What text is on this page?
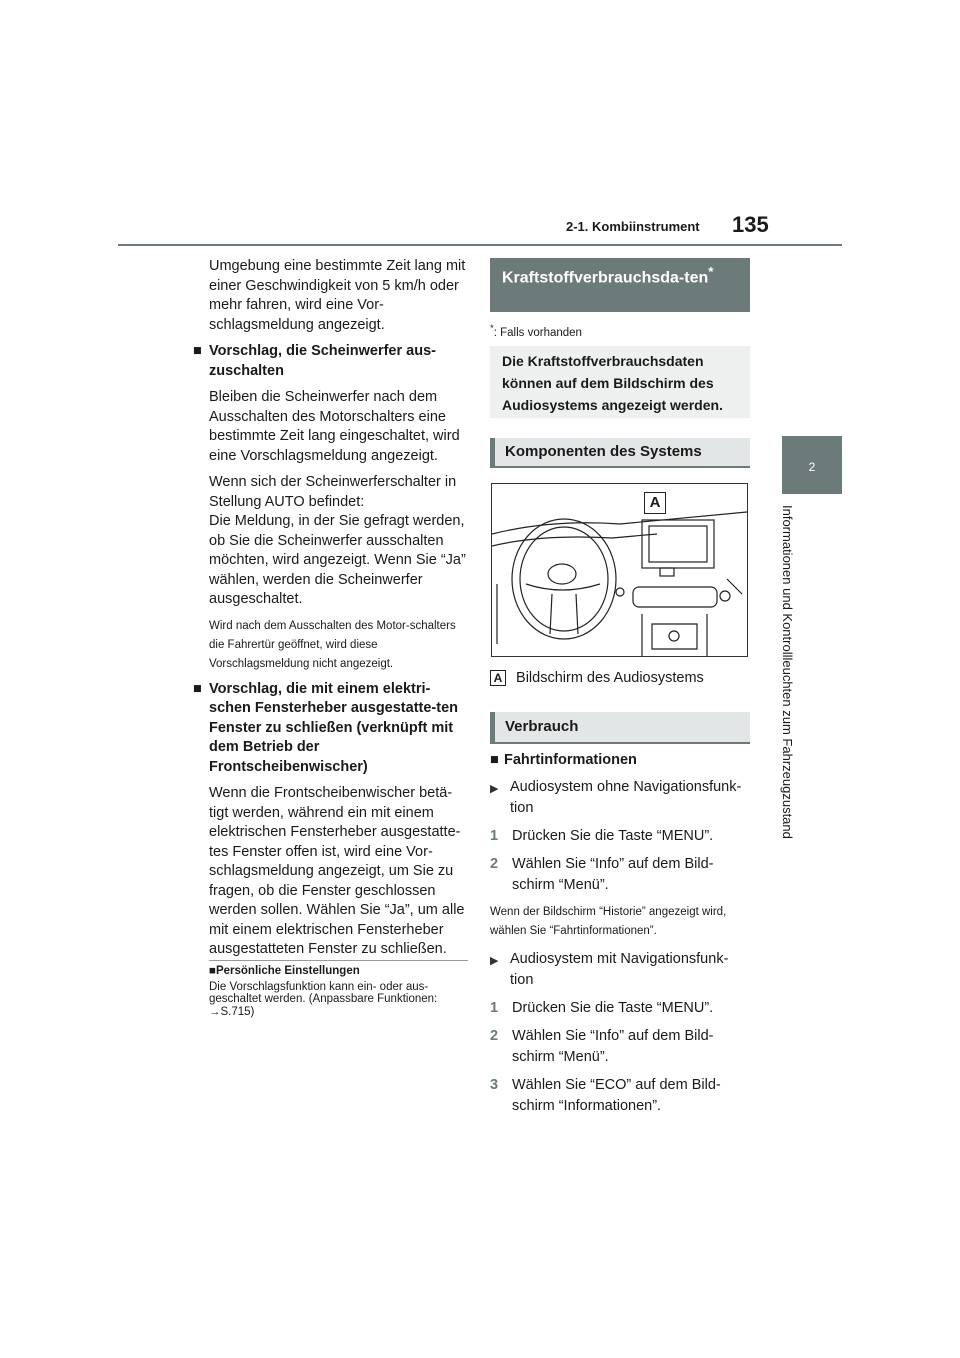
2-1. Kombiinstrument 135
2
Informationen und Kontrollleuchten zum Fahrzeugzustand

Umgebung eine bestimmte Zeit lang mit einer Geschwindigkeit von 5 km/h oder mehr fahren, wird eine Vor-schlagsmeldung angezeigt.

■ Vorschlag, die Scheinwerfer aus-zuschalten

Bleiben die Scheinwerfer nach dem Ausschalten des Motorschalters eine bestimmte Zeit lang eingeschaltet, wird eine Vorschlagsmeldung angezeigt.

Wenn sich der Scheinwerferschalter in Stellung AUTO befindet:
Die Meldung, in der Sie gefragt werden, ob Sie die Scheinwerfer ausschalten möchten, wird angezeigt. Wenn Sie “Ja” wählen, werden die Scheinwerfer ausgeschaltet.

Wird nach dem Ausschalten des Motor-schalters die Fahrertür geöffnet, wird diese Vorschlagsmeldung nicht angezeigt.

■ Vorschlag, die mit einem elektri-schen Fensterheber ausgestatte-ten Fenster zu schließen (verknüpft mit dem Betrieb der Frontscheibenwischer)

Wenn die Frontscheibenwischer betä-tigt werden, während ein mit einem elektrischen Fensterheber ausgestatte-tes Fenster offen ist, wird eine Vor-schlagsmeldung angezeigt, um Sie zu fragen, ob die Fenster geschlossen werden sollen. Wählen Sie “Ja”, um alle mit einem elektrischen Fensterheber ausgestatteten Fenster zu schließen.

■Persönliche Einstellungen
Die Vorschlagsfunktion kann ein- oder aus-geschaltet werden. (Anpassbare Funktionen: →S.715)
Kraftstoffverbrauchsda-ten*
*: Falls vorhanden
Die Kraftstoffverbrauchsdaten können auf dem Bildschirm des Audiosystems angezeigt werden.
Komponenten des Systems
A
A Bildschirm des Audiosystems
Verbrauch
■ Fahrtinformationen
▶ Audiosystem ohne Navigationsfunk-tion
1 Drücken Sie die Taste “MENU”.
2 Wählen Sie “Info” auf dem Bild-schirm “Menü”.
Wenn der Bildschirm “Historie” angezeigt wird, wählen Sie “Fahrtinformationen”.
▶ Audiosystem mit Navigationsfunk-tion
1 Drücken Sie die Taste “MENU”.
2 Wählen Sie “Info” auf dem Bild-schirm “Menü”.
3 Wählen Sie “ECO” auf dem Bild-schirm “Informationen”.
